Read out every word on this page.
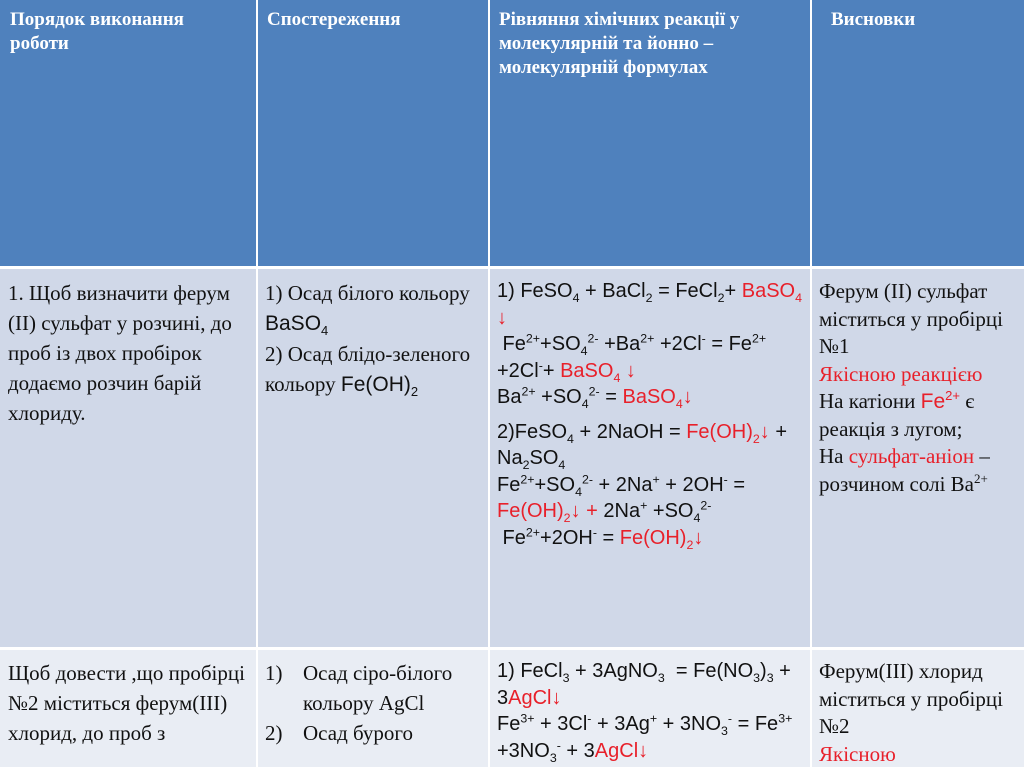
Порядок виконання роботи
Спостереження	Рівняння хімічних реакції у молекулярній та йонно – молекулярній формулах
Висновки
1. Щоб визначити ферум (ІІ) сульфат у розчині, до проб із двох пробірок додаємо розчин барій хлориду.
1) Осад білого кольору BaSO$_4$
2) Осад блідо-зеленого кольору $Fe(OH)_2$
1) FeSO$_4$ + BaCl$_2$ = FeCl$_2$+ BaSO$_4$ ↓
$Fe^{2+}+SO_4^{2-} +Ba^{2+} +2Cl^- = Fe^{2+} +2Cl^-+$ BaSO$_4$ ↓
$Ba^{2+} +SO_4^{2-}$ = BaSO$_4$↓
2)FeSO$_4$ + 2NaOH = $Fe(OH)_2↓ + Na_2SO_4$
$Fe^{2+}+SO_4^{2-} + 2Na^+ + 2OH^-$ = $Fe(OH)_2↓ + 2Na^+ +SO_4^{2-}$
$Fe^{2+}+2OH^-$ = $Fe(OH)_2↓$
Ферум (ІІ) сульфат міститься у пробірці №1
Якісною реакцією
На катіони $Fe^{2+}$ є реакція з лугом;
На сульфат-аніон – розчином солі $Ba^{2+}$
Щоб довести ,що пробірці №2 міститься ферум(ІІІ) хлорид, до проб з
1) Осад сіро-білого кольору AgCl
2) Осад бурого
1) FeCl$_3$ + 3AgNO$_3$  = $Fe(NO_3)_3$ + 3AgCl↓
$Fe^{3+} + 3Cl^- + 3Ag^+ + 3NO_3^- = Fe^{3+} +3NO_3^-$ + 3AgCl↓
Ферум(ІІІ) хлорид міститься у пробірці №2
Якісною
